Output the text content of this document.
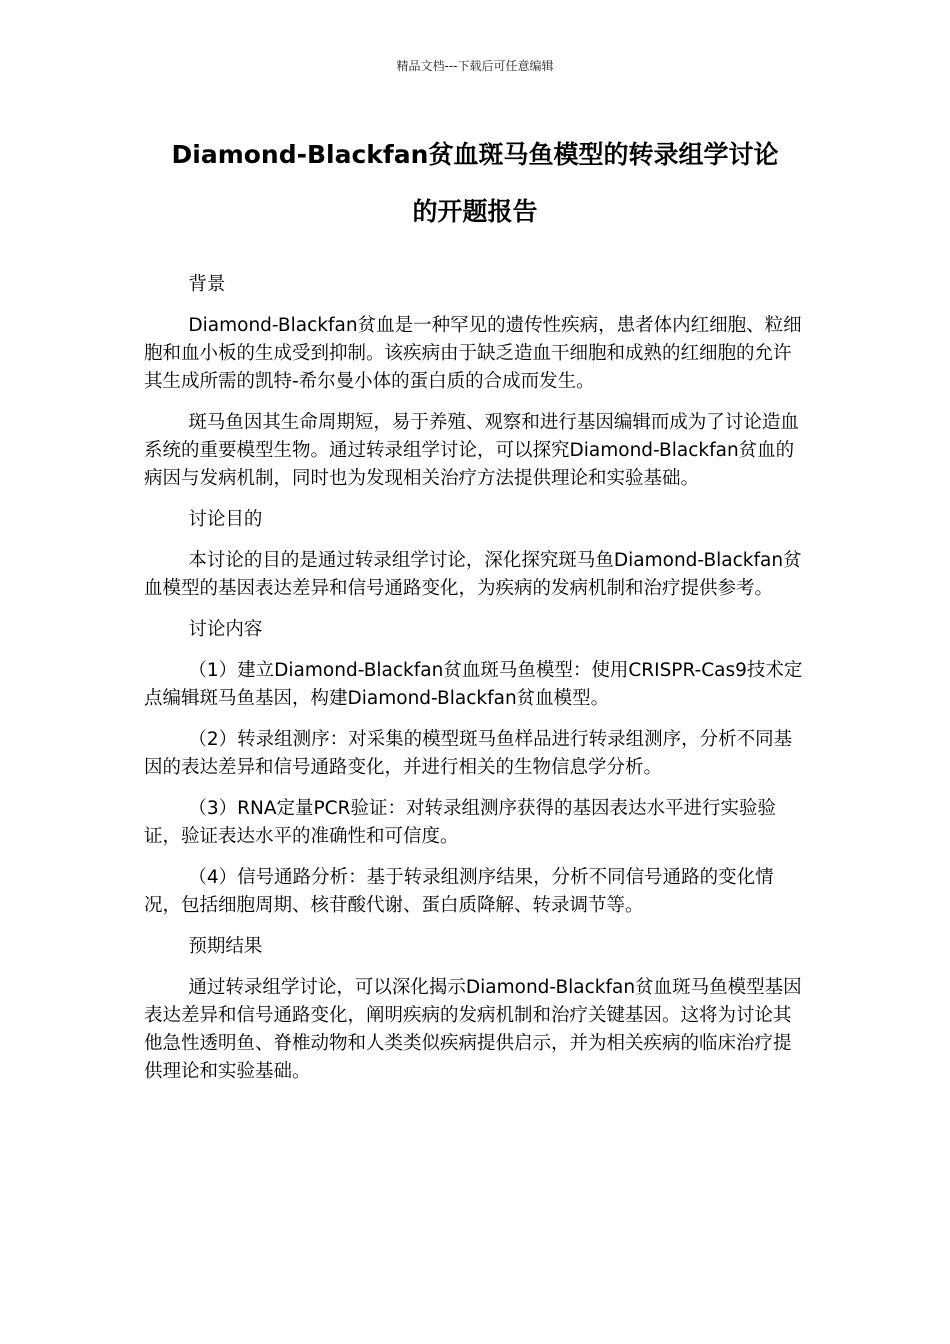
精品文档---下载后可任意编辑
Diamond-Blackfan贫血斑马鱼模型的转录组学讨论
的开题报告

背景

Diamond-Blackfan贫血是一种罕见的遗传性疾病，患者体内红细胞、粒细胞和血小板的生成受到抑制。该疾病由于缺乏造血干细胞和成熟的红细胞的允许其生成所需的凯特-希尔曼小体的蛋白质的合成而发生。

斑马鱼因其生命周期短，易于养殖、观察和进行基因编辑而成为了讨论造血系统的重要模型生物。通过转录组学讨论，可以探究Diamond-Blackfan贫血的病因与发病机制，同时也为发现相关治疗方法提供理论和实验基础。

讨论目的

本讨论的目的是通过转录组学讨论，深化探究斑马鱼Diamond-Blackfan贫血模型的基因表达差异和信号通路变化，为疾病的发病机制和治疗提供参考。

讨论内容

（1）建立Diamond-Blackfan贫血斑马鱼模型：使用CRISPR-Cas9技术定点编辑斑马鱼基因，构建Diamond-Blackfan贫血模型。

（2）转录组测序：对采集的模型斑马鱼样品进行转录组测序，分析不同基因的表达差异和信号通路变化，并进行相关的生物信息学分析。

（3）RNA定量PCR验证：对转录组测序获得的基因表达水平进行实验验证，验证表达水平的准确性和可信度。

（4）信号通路分析：基于转录组测序结果，分析不同信号通路的变化情况，包括细胞周期、核苷酸代谢、蛋白质降解、转录调节等。

预期结果

通过转录组学讨论，可以深化揭示Diamond-Blackfan贫血斑马鱼模型基因表达差异和信号通路变化，阐明疾病的发病机制和治疗关键基因。这将为讨论其他急性透明鱼、脊椎动物和人类类似疾病提供启示，并为相关疾病的临床治疗提供理论和实验基础。
